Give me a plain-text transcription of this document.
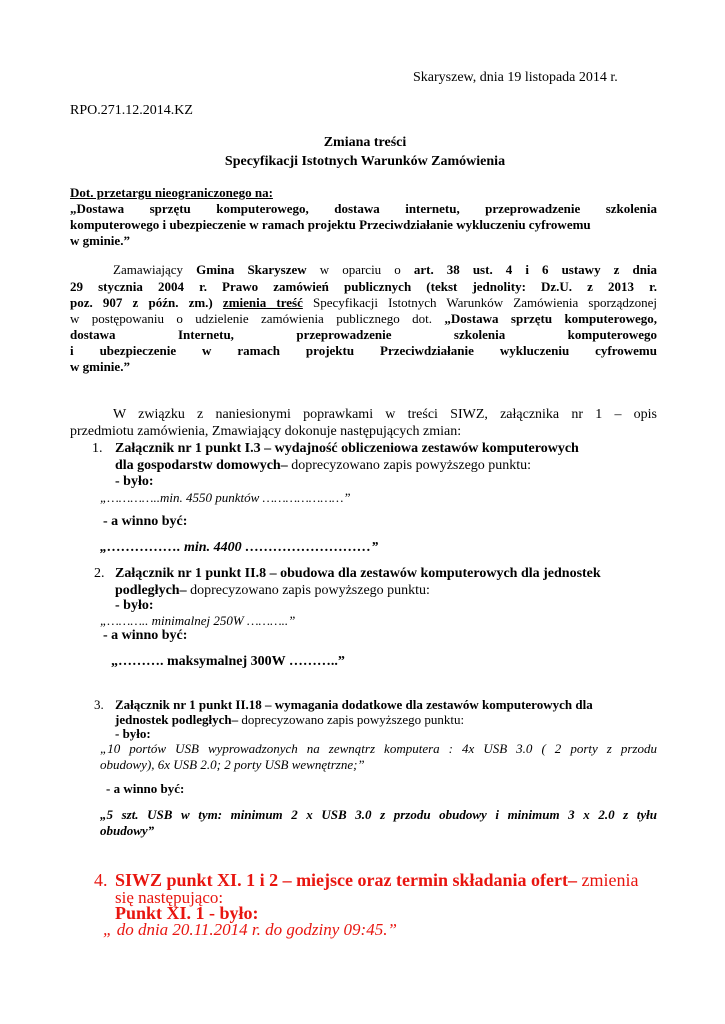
Skaryszew, dnia 19 listopada 2014 r.
RPO.271.12.2014.KZ
Zmiana treści
Specyfikacji Istotnych Warunków Zamówienia
Dot. przetargu nieograniczonego na:
„Dostawa sprzętu komputerowego, dostawa internetu, przeprowadzenie szkolenia
komputerowego i ubezpieczenie w ramach projektu Przeciwdziałanie wykluczeniu cyfrowemu
w gminie.”
Zamawiający Gmina Skaryszew w oparciu o art. 38 ust. 4 i 6 ustawy z dnia
29 stycznia 2004 r. Prawo zamówień publicznych (tekst jednolity: Dz.U. z 2013 r.
poz. 907 z późn. zm.) zmienia treść Specyfikacji Istotnych Warunków Zamówienia sporządzonej
w postępowaniu o udzielenie zamówienia publicznego dot. „Dostawa sprzętu komputerowego,
dostawa Internetu, przeprowadzenie szkolenia komputerowego
i ubezpieczenie w ramach projektu Przeciwdziałanie wykluczeniu cyfrowemu
w gminie.”
W związku z naniesionymi poprawkami w treści SIWZ, załącznika nr 1 – opis
przedmiotu zamówienia, Zmawiający dokonuje następujących zmian:
1. Załącznik nr 1 punkt I.3 – wydajność obliczeniowa zestawów komputerowych
dla gospodarstw domowych– doprecyzowano zapis powyższego punktu:
- było:
„…………..min. 4550 punktów …………………”
- a winno być:
„……………. min. 4400 ………………………”
2. Załącznik nr 1 punkt II.8 – obudowa dla zestawów komputerowych dla jednostek
podległych– doprecyzowano zapis powyższego punktu:
- było:
„……….. minimalnej 250W ………..”
- a winno być:
„………. maksymalnej 300W ………..”
3. Załącznik nr 1 punkt II.18 – wymagania dodatkowe dla zestawów komputerowych dla
jednostek podległych– doprecyzowano zapis powyższego punktu:
- było:
„10 portów USB wyprowadzonych na zewnątrz komputera : 4x USB 3.0 ( 2 porty z przodu
obudowy), 6x USB 2.0; 2 porty USB wewnętrzne;”
- a winno być:
„5 szt. USB w tym: minimum 2 x USB 3.0 z przodu obudowy i minimum 3 x 2.0 z tyłu
obudowy”
4. SIWZ punkt XI. 1 i 2 – miejsce oraz termin składania ofert– zmienia
się następująco:
Punkt XI. 1 - było:
„ do dnia 20.11.2014 r. do godziny 09:45.”
